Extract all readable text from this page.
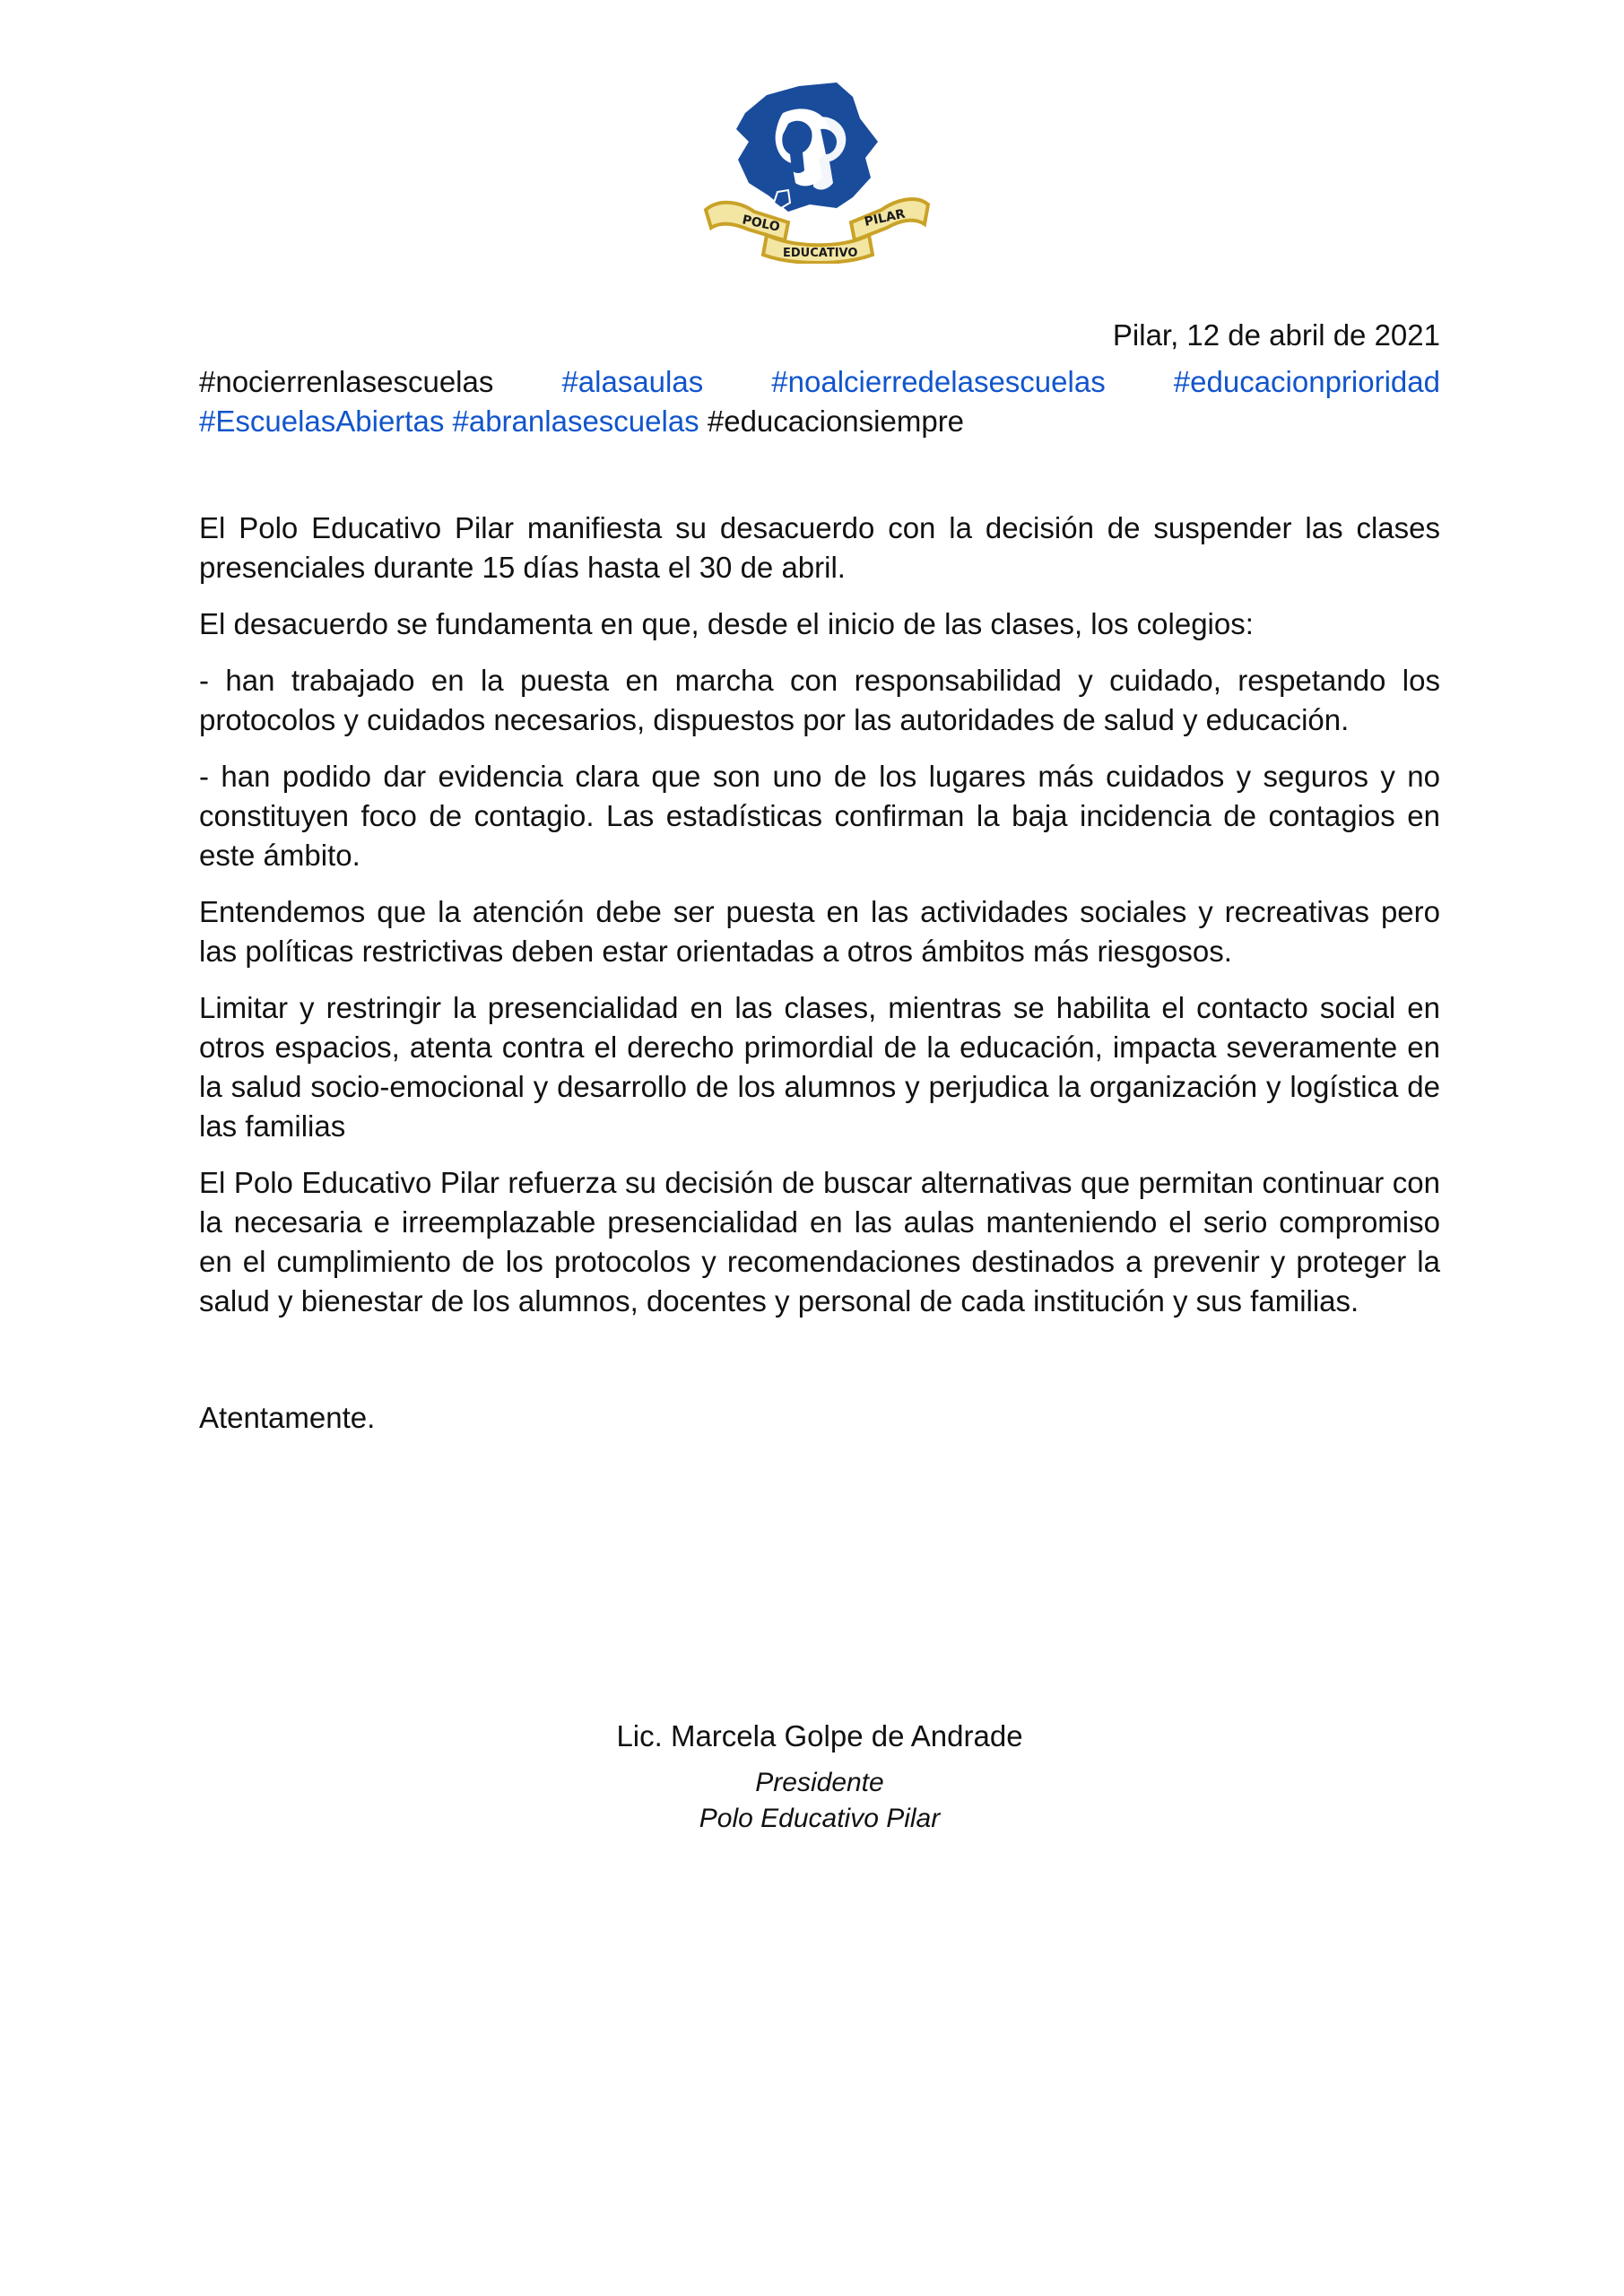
POLO	PILAR
EDUCATIVO

Pilar, 12 de abril de 2021

#nocierrenlasescuelas #alasaulas #noalcierredelasescuelas #educacionprioridad #EscuelasAbiertas #abranlasescuelas #educacionsiempre

El Polo Educativo Pilar manifiesta su desacuerdo con la decisión de suspender las clases presenciales durante 15 días hasta el 30 de abril.

El desacuerdo se fundamenta en que, desde el inicio de las clases, los colegios:

- han trabajado en la puesta en marcha con responsabilidad y cuidado, respetando los protocolos y cuidados necesarios, dispuestos por las autoridades de salud y educación.

- han podido dar evidencia clara que son uno de los lugares más cuidados y seguros y no constituyen foco de contagio. Las estadísticas confirman la baja incidencia de contagios en este ámbito.

Entendemos que la atención debe ser puesta en las actividades sociales y recreativas pero las políticas restrictivas deben estar orientadas a otros ámbitos más riesgosos.

Limitar y restringir la presencialidad en las clases, mientras se habilita el contacto social en otros espacios, atenta contra el derecho primordial de la educación, impacta severamente en la salud socio-emocional y desarrollo de los alumnos y perjudica la organización y logística de las familias

El Polo Educativo Pilar refuerza su decisión de buscar alternativas que permitan continuar con la necesaria e irreemplazable presencialidad en las aulas manteniendo el serio compromiso en el cumplimiento de los protocolos y recomendaciones destinados a prevenir y proteger la salud y bienestar de los alumnos, docentes y personal de cada institución y sus familias.

Atentamente.

Lic. Marcela Golpe de Andrade

Presidente

Polo Educativo Pilar
